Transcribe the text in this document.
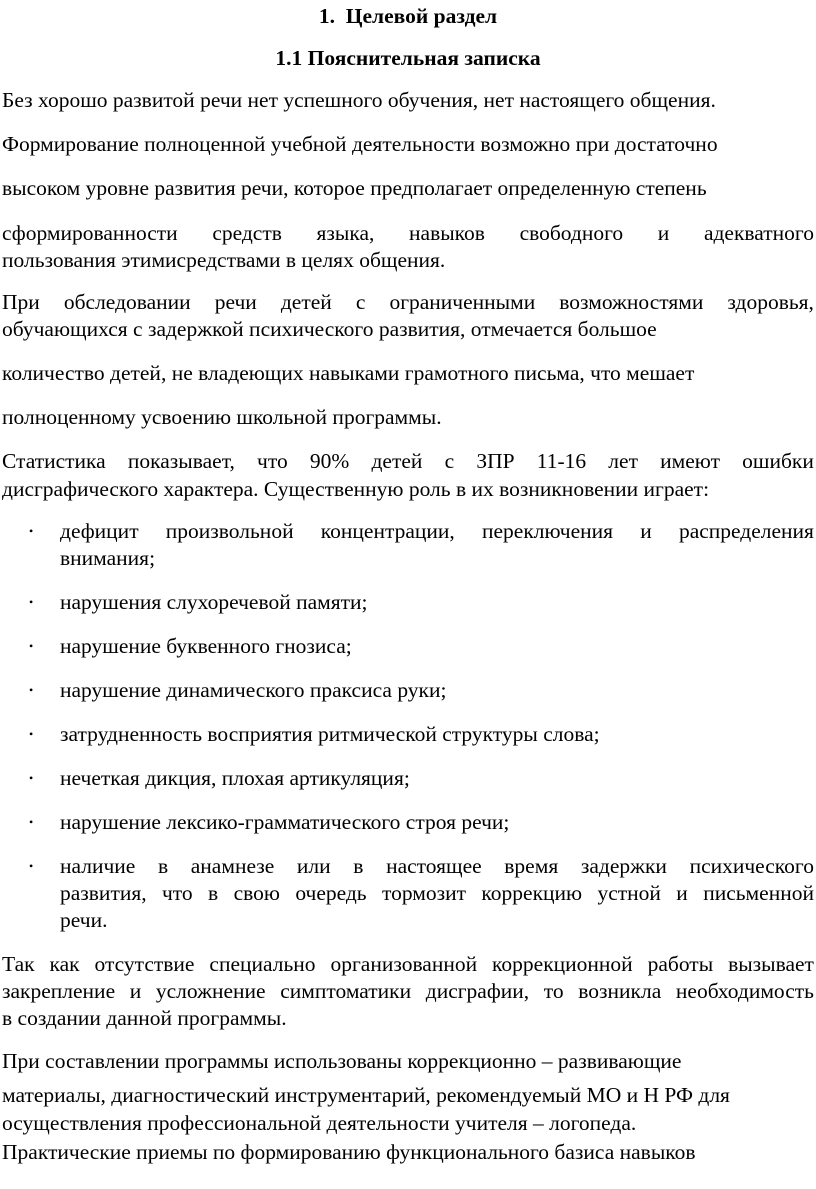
1. Целевой раздел
1.1 Пояснительная записка
Без хорошо развитой речи нет успешного обучения, нет настоящего общения.
Формирование полноценной учебной деятельности возможно при достаточно
высоком уровне развития речи, которое предполагает определенную степень
сформированности средств языка, навыков свободного и адекватного
пользования этимисредствами в целях общения.
При обследовании речи детей с ограниченными возможностями здоровья,
обучающихся с задержкой психического развития, отмечается большое
количество детей, не владеющих навыками грамотного письма, что мешает
полноценному усвоению школьной программы.
Статистика показывает, что 90% детей с ЗПР 11-16 лет имеют ошибки
дисграфического характера. Существенную роль в их возникновении играет:
• дефицит произвольной концентрации, переключения и распределения
внимания;
• нарушения слухоречевой памяти;
• нарушение буквенного гнозиса;
• нарушение динамического праксиса руки;
• затрудненность восприятия ритмической структуры слова;
• нечеткая дикция, плохая артикуляция;
• нарушение лексико-грамматического строя речи;
• наличие в анамнезе или в настоящее время задержки психического
развития, что в свою очередь тормозит коррекцию устной и письменной
речи.
Так как отсутствие специально организованной коррекционной работы вызывает
закрепление и усложнение симптоматики дисграфии, то возникла необходимость
в создании данной программы.
При составлении программы использованы коррекционно – развивающие
материалы, диагностический инструментарий, рекомендуемый МО и Н РФ для
осуществления профессиональной деятельности учителя – логопеда.
Практические приемы по формированию функционального базиса навыков
